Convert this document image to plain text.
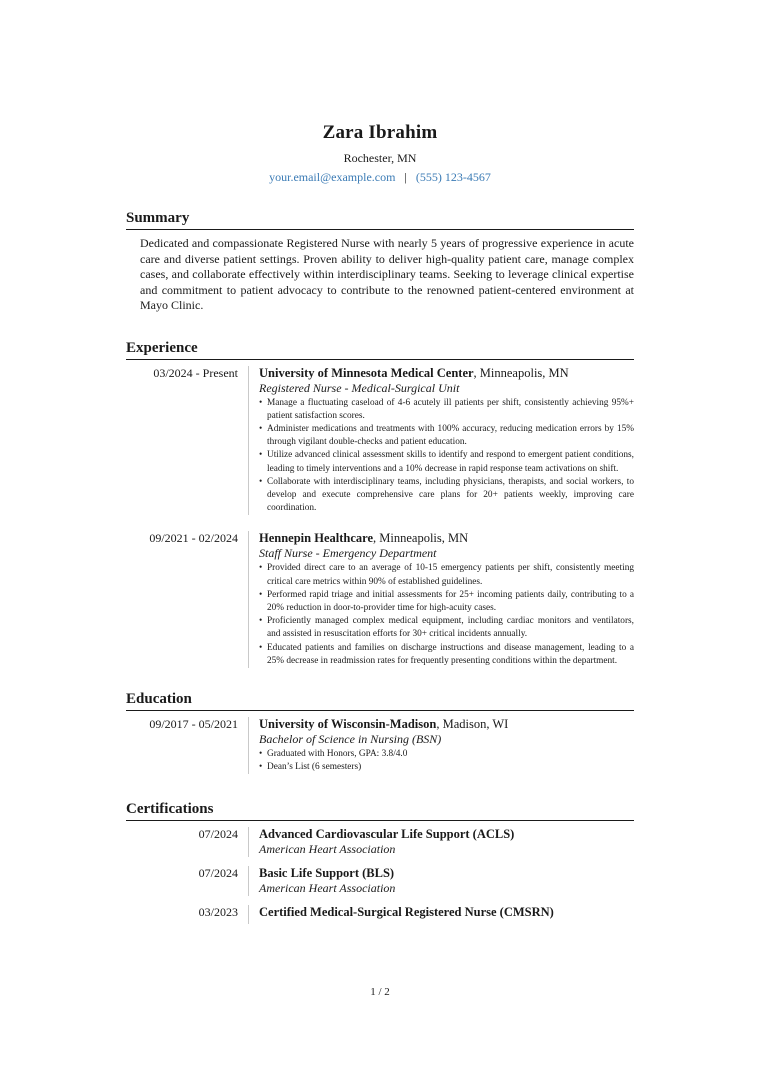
Zara Ibrahim
Rochester, MN
your.email@example.com | (555) 123-4567
Summary
Dedicated and compassionate Registered Nurse with nearly 5 years of progressive experience in acute care and diverse patient settings. Proven ability to deliver high-quality patient care, manage complex cases, and collaborate effectively within interdisciplinary teams. Seeking to leverage clinical expertise and commitment to patient advocacy to contribute to the renowned patient-centered environment at Mayo Clinic.
Experience
03/2024 - Present	University of Minnesota Medical Center, Minneapolis, MN
Registered Nurse - Medical-Surgical Unit
• Manage a fluctuating caseload of 4-6 acutely ill patients per shift, consistently achieving 95%+ patient satisfaction scores.
• Administer medications and treatments with 100% accuracy, reducing medication errors by 15% through vigilant double-checks and patient education.
• Utilize advanced clinical assessment skills to identify and respond to emergent patient conditions, leading to timely interventions and a 10% decrease in rapid response team activations on shift.
• Collaborate with interdisciplinary teams, including physicians, therapists, and social workers, to develop and execute comprehensive care plans for 20+ patients weekly, improving care coordination.
09/2021 - 02/2024	Hennepin Healthcare, Minneapolis, MN
Staff Nurse - Emergency Department
• Provided direct care to an average of 10-15 emergency patients per shift, consistently meeting critical care metrics within 90% of established guidelines.
• Performed rapid triage and initial assessments for 25+ incoming patients daily, contributing to a 20% reduction in door-to-provider time for high-acuity cases.
• Proficiently managed complex medical equipment, including cardiac monitors and ventilators, and assisted in resuscitation efforts for 30+ critical incidents annually.
• Educated patients and families on discharge instructions and disease management, leading to a 25% decrease in readmission rates for frequently presenting conditions within the department.
Education
09/2017 - 05/2021	University of Wisconsin-Madison, Madison, WI
Bachelor of Science in Nursing (BSN)
• Graduated with Honors, GPA: 3.8/4.0
• Dean’s List (6 semesters)
Certifications
07/2024	Advanced Cardiovascular Life Support (ACLS)
American Heart Association
07/2024	Basic Life Support (BLS)
American Heart Association
03/2023	Certified Medical-Surgical Registered Nurse (CMSRN)
1 / 2
